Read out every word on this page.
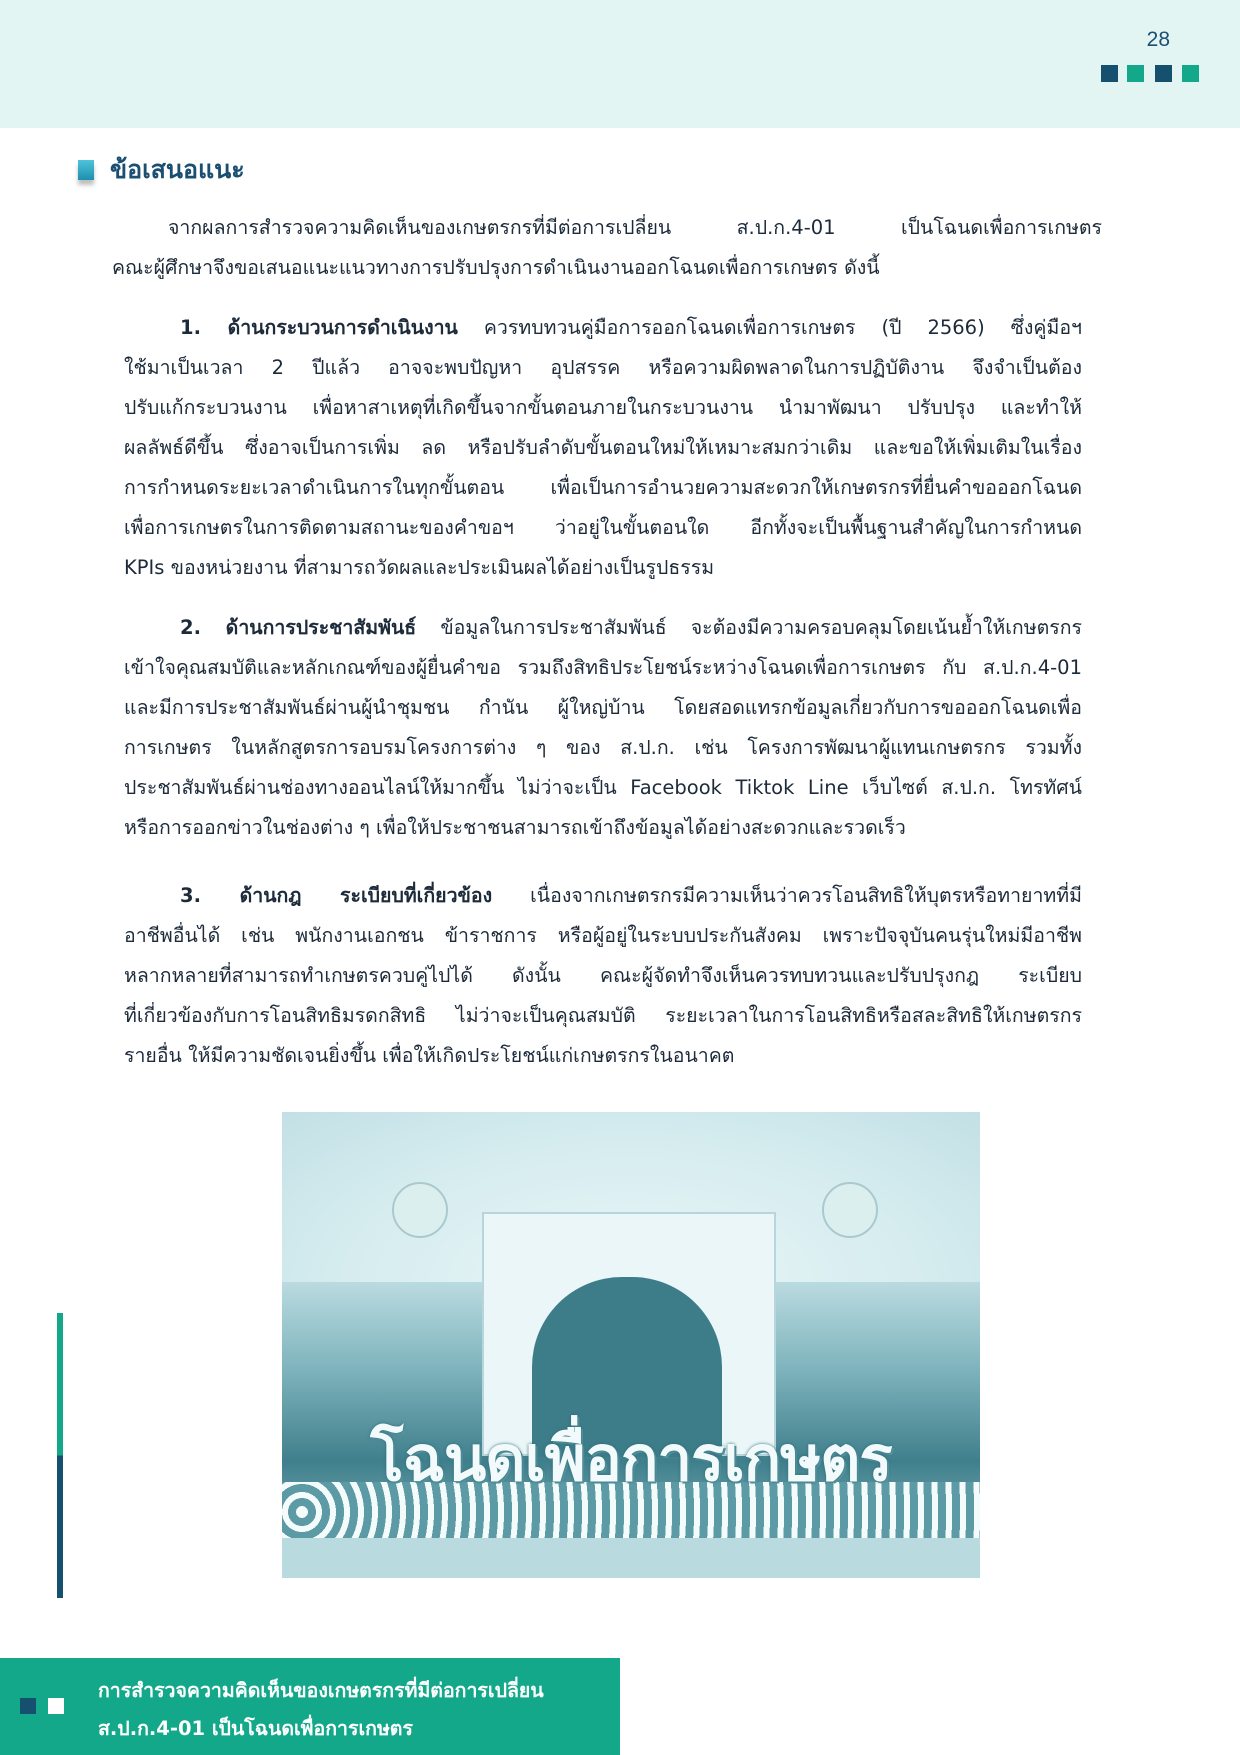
28
ข้อเสนอแนะ
จากผลการสำรวจความคิดเห็นของเกษตรกรที่มีต่อการเปลี่ยน ส.ป.ก.4-01 เป็นโฉนดเพื่อการเกษตร
คณะผู้ศึกษาจึงขอเสนอแนะแนวทางการปรับปรุงการดำเนินงานออกโฉนดเพื่อการเกษตร ดังนี้
1. ด้านกระบวนการดำเนินงาน ควรทบทวนคู่มือการออกโฉนดเพื่อการเกษตร (ปี 2566) ซึ่งคู่มือฯ
ใช้มาเป็นเวลา 2 ปีแล้ว อาจจะพบปัญหา อุปสรรค หรือความผิดพลาดในการปฏิบัติงาน จึงจำเป็นต้อง
ปรับแก้กระบวนงาน เพื่อหาสาเหตุที่เกิดขึ้นจากขั้นตอนภายในกระบวนงาน นำมาพัฒนา ปรับปรุง และทำให้
ผลลัพธ์ดีขึ้น ซึ่งอาจเป็นการเพิ่ม ลด หรือปรับลำดับขั้นตอนใหม่ให้เหมาะสมกว่าเดิม และขอให้เพิ่มเติมในเรื่อง
การกำหนดระยะเวลาดำเนินการในทุกขั้นตอน เพื่อเป็นการอำนวยความสะดวกให้เกษตรกรที่ยื่นคำขอออกโฉนด
เพื่อการเกษตรในการติดตามสถานะของคำขอฯ ว่าอยู่ในขั้นตอนใด อีกทั้งจะเป็นพื้นฐานสำคัญในการกำหนด
KPIs ของหน่วยงาน ที่สามารถวัดผลและประเมินผลได้อย่างเป็นรูปธรรม
2. ด้านการประชาสัมพันธ์ ข้อมูลในการประชาสัมพันธ์ จะต้องมีความครอบคลุมโดยเน้นย้ำให้เกษตรกร
เข้าใจคุณสมบัติและหลักเกณฑ์ของผู้ยื่นคำขอ รวมถึงสิทธิประโยชน์ระหว่างโฉนดเพื่อการเกษตร กับ ส.ป.ก.4-01
และมีการประชาสัมพันธ์ผ่านผู้นำชุมชน กำนัน ผู้ใหญ่บ้าน โดยสอดแทรกข้อมูลเกี่ยวกับการขอออกโฉนดเพื่อ
การเกษตร ในหลักสูตรการอบรมโครงการต่าง ๆ ของ ส.ป.ก. เช่น โครงการพัฒนาผู้แทนเกษตรกร รวมทั้ง
ประชาสัมพันธ์ผ่านช่องทางออนไลน์ให้มากขึ้น ไม่ว่าจะเป็น Facebook Tiktok Line เว็บไซต์ ส.ป.ก. โทรทัศน์
หรือการออกข่าวในช่องต่าง ๆ เพื่อให้ประชาชนสามารถเข้าถึงข้อมูลได้อย่างสะดวกและรวดเร็ว
3. ด้านกฎ ระเบียบที่เกี่ยวข้อง เนื่องจากเกษตรกรมีความเห็นว่าควรโอนสิทธิให้บุตรหรือทายาทที่มี
อาชีพอื่นได้ เช่น พนักงานเอกชน ข้าราชการ หรือผู้อยู่ในระบบประกันสังคม เพราะปัจจุบันคนรุ่นใหม่มีอาชีพ
หลากหลายที่สามารถทำเกษตรควบคู่ไปได้ ดังนั้น คณะผู้จัดทำจึงเห็นควรทบทวนและปรับปรุงกฎ ระเบียบ
ที่เกี่ยวข้องกับการโอนสิทธิมรดกสิทธิ ไม่ว่าจะเป็นคุณสมบัติ ระยะเวลาในการโอนสิทธิหรือสละสิทธิให้เกษตรกร
รายอื่น ให้มีความชัดเจนยิ่งขึ้น เพื่อให้เกิดประโยชน์แก่เกษตรกรในอนาคต
โฉนดเพื่อการเกษตร
การสำรวจความคิดเห็นของเกษตรกรที่มีต่อการเปลี่ยน
ส.ป.ก.4-01 เป็นโฉนดเพื่อการเกษตร
